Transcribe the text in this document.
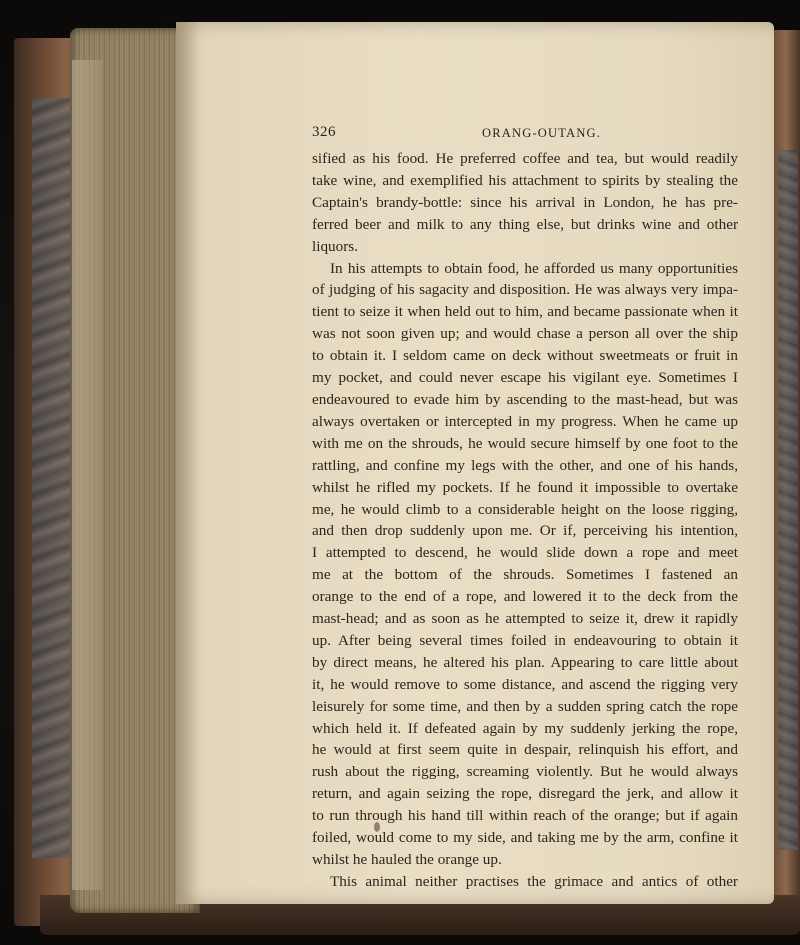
326	ORANG-OUTANG.

sified as his food. He preferred coffee and tea, but would readily
take wine, and exemplified his attachment to spirits by stealing the
Captain's brandy-bottle: since his arrival in London, he has pre-
ferred beer and milk to any thing else, but drinks wine and other
liquors.

In his attempts to obtain food, he afforded us many opportunities
of judging of his sagacity and disposition. He was always very impa-
tient to seize it when held out to him, and became passionate when it
was not soon given up; and would chase a person all over the ship
to obtain it. I seldom came on deck without sweetmeats or fruit in
my pocket, and could never escape his vigilant eye. Sometimes I
endeavoured to evade him by ascending to the mast-head, but was
always overtaken or intercepted in my progress. When he came up
with me on the shrouds, he would secure himself by one foot to the
rattling, and confine my legs with the other, and one of his hands,
whilst he rifled my pockets. If he found it impossible to overtake
me, he would climb to a considerable height on the loose rigging,
and then drop suddenly upon me. Or if, perceiving his intention,
I attempted to descend, he would slide down a rope and meet
me at the bottom of the shrouds. Sometimes I fastened an
orange to the end of a rope, and lowered it to the deck from the
mast-head; and as soon as he attempted to seize it, drew it rapidly
up. After being several times foiled in endeavouring to obtain it
by direct means, he altered his plan. Appearing to care little about
it, he would remove to some distance, and ascend the rigging very
leisurely for some time, and then by a sudden spring catch the rope
which held it. If defeated again by my suddenly jerking the rope,
he would at first seem quite in despair, relinquish his effort, and
rush about the rigging, screaming violently. But he would always
return, and again seizing the rope, disregard the jerk, and allow it
to run through his hand till within reach of the orange; but if again
foiled, would come to my side, and taking me by the arm, confine it
whilst he hauled the orange up.

This animal neither practises the grimace and antics of other
